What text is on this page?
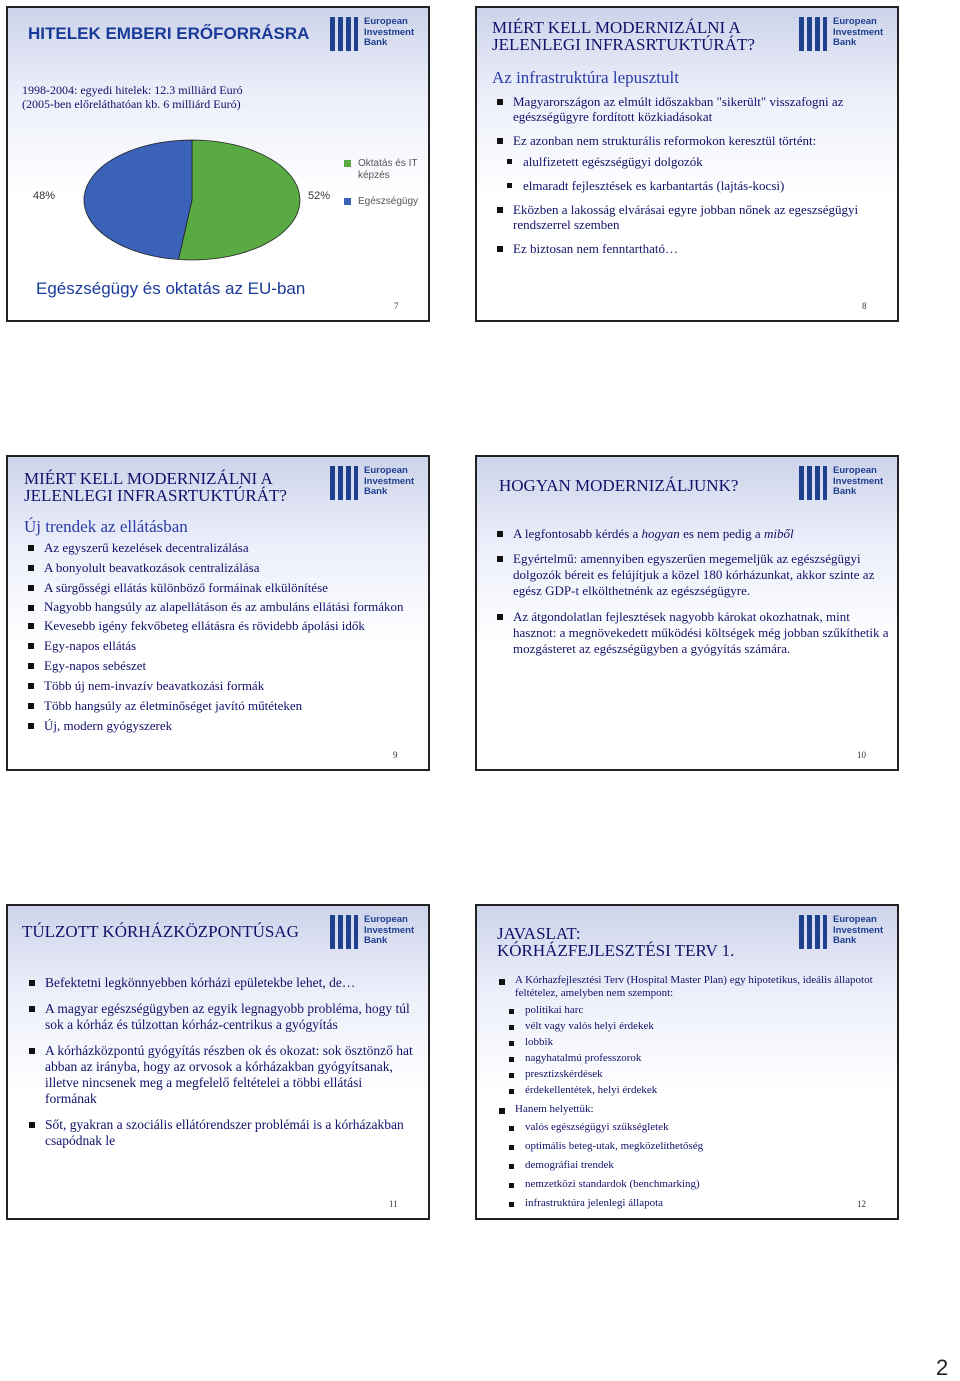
HITELEK EMBERI ERŐFORRÁSRA
European
Investment
Bank
1998-2004: egyedi hitelek: 12.3 milliárd Euró
(2005-ben előreláthatóan kb. 6 milliárd Euró)
48%	52%
Oktatás és IT képzés
Egészségügy
Egészségügy és oktatás az EU-ban
7
MIÉRT KELL MODERNIZÁLNI A
JELENLEGI INFRASRTUKTÚRÁT?
European
Investment
Bank
Az infrastruktúra lepusztult
Magyarországon az elmúlt időszakban "sikerült" visszafogni az egészségügyre fordított közkiadásokat
Ez azonban nem strukturális reformokon keresztül történt:
alulfizetett egészségügyi dolgozók
elmaradt fejlesztések es karbantartás (lajtás-kocsi)
Eközben a lakosság elvárásai egyre jobban nőnek az egeszségügyi rendszerrel szemben
Ez biztosan nem fenntartható…
8
MIÉRT KELL MODERNIZÁLNI A
JELENLEGI INFRASRTUKTÚRÁT?
European
Investment
Bank
Új trendek az ellátásban
Az egyszerű kezelések decentralizálása
A bonyolult beavatkozások centralizálása
A sürgősségi ellátás különböző formáinak elkülönítése
Nagyobb hangsúly az alapellátáson és az ambuláns ellátási formákon
Kevesebb igény fekvőbeteg ellátásra és rövidebb ápolási idők
Egy-napos ellátás
Egy-napos sebészet
Több új nem-invazív beavatkozási formák
Több hangsúly az életminőséget javító műtéteken
Új, modern gyógyszerek
9
HOGYAN MODERNIZÁLJUNK?
European
Investment
Bank
A legfontosabb kérdés a hogyan es nem pedig a miből
Egyértelmű: amennyiben egyszerűen megemeljük az egészségügyi dolgozók béreit es felújítjuk a közel 180 kórházunkat, akkor szinte az egész GDP-t elkölthetnénk az egészségügyre.
Az átgondolatlan fejlesztések nagyobb károkat okozhatnak, mint hasznot: a megnövekedett működési költségek még jobban szűkíthetik a mozgásteret az egészségügyben a gyógyítás számára.
10
TÚLZOTT KÓRHÁZKÖZPONTÚSAG
European
Investment
Bank
Befektetni legkönnyebben kórházi epületekbe lehet, de…
A magyar egészségügyben az egyik legnagyobb probléma, hogy túl sok a kórház és túlzottan kórház-centrikus a gyógyítás
A kórházközpontú gyógyítás részben ok és okozat: sok ösztönző hat abban az irányba, hogy az orvosok a kórházakban gyógyítsanak, illetve nincsenek meg a megfelelő feltételei a többi ellátási formának
Sőt, gyakran a szociális ellátórendszer problémái is a kórházakban csapódnak le
11
JAVASLAT:
KÓRHÁZFEJLESZTÉSI TERV 1.
European
Investment
Bank
A Kórhazfejlesztési Terv (Hospital Master Plan) egy hipotetikus, ideális állapotot feltételez, amelyben nem szempont:
politikai harc
vélt vagy valós helyi érdekek
lobbik
nagyhatalmú professzorok
presztizskérdések
érdekellentétek, helyi érdekek
Hanem helyettük:
valós egészségügyi szükségletek
optimális beteg-utak, megközelíthetőség
demográfiai trendek
nemzetközi standardok (benchmarking)
infrastruktúra jelenlegi állapota	12
2
